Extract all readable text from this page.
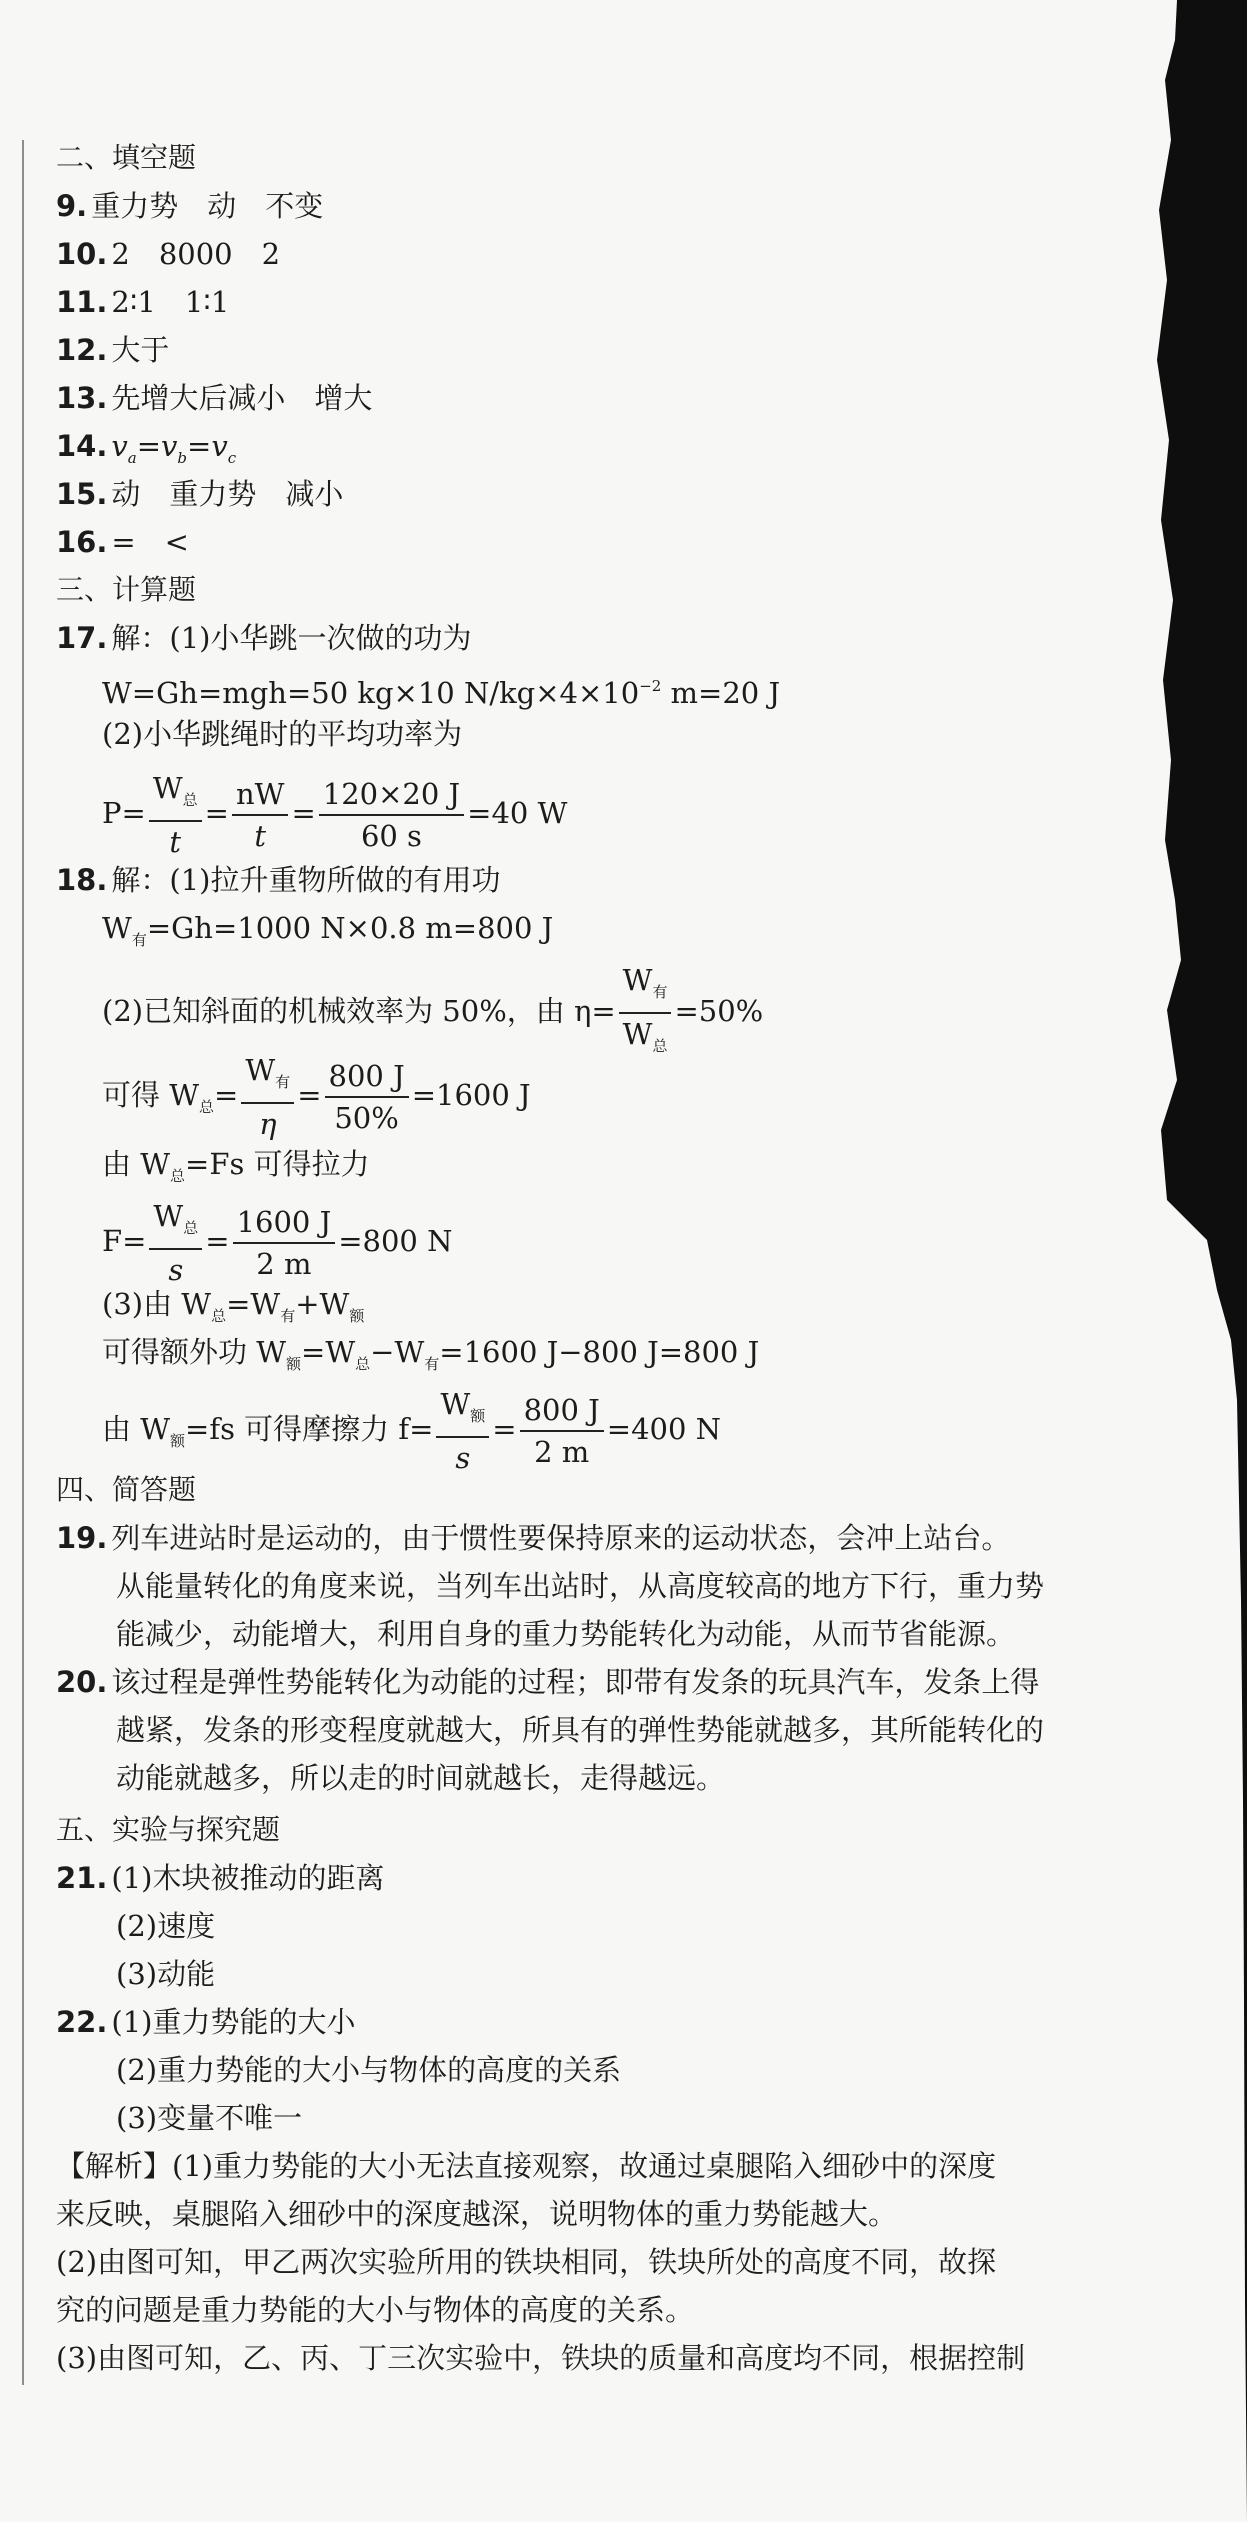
二、填空题
9. 重力势　动　不变
10. 2　8000　2
11. 2∶1　1∶1
12. 大于
13. 先增大后减小　增大
14. $v_a=v_b=v_c$
15. 动　重力势　减小
16. =　<
三、计算题
17. 解：(1)小华跳一次做的功为
W=Gh=mgh=50 kg×10 $N/kg\times 4\times 10^{-2}$ m=20 J
(2)小华跳绳时的平均功率为
$P= \frac{W_总}{t} = \frac{nW}{t} = \frac{120\times 20 J}{60 s} =40$ W
18. 解：(1)拉升重物所做的有用功
$W_有=Gh=1000$ N×0.8 m=800 J
(2)已知斜面的机械效率为 50%，由 $\eta= \frac{W_有}{W_总} =50\%$
可得 $W_总= \frac{W_有}{\eta} = \frac{800 J}{50\%} =1600$ J
由 $W_总=Fs$ 可得拉力
$F= \frac{W_总}{s} = \frac{1600 J}{2 m} =800$ N
(3)由 $W_总=W_有+W_额$
可得额外功 $W_额=W_总-W_有=1600$ J−800 J=800 J
由 $W_额=fs$ 可得摩擦力 $f= \frac{W_额}{s} = \frac{800 J}{2 m} =400$ N
四、简答题
19. 列车进站时是运动的，由于惯性要保持原来的运动状态，会冲上站台。
从能量转化的角度来说，当列车出站时，从高度较高的地方下行，重力势
能减少，动能增大，利用自身的重力势能转化为动能，从而节省能源。
20. 该过程是弹性势能转化为动能的过程；即带有发条的玩具汽车，发条上得
越紧，发条的形变程度就越大，所具有的弹性势能就越多，其所能转化的
动能就越多，所以走的时间就越长，走得越远。
五、实验与探究题
21. (1)木块被推动的距离
(2)速度
(3)动能
22. (1)重力势能的大小
(2)重力势能的大小与物体的高度的关系
(3)变量不唯一
【解析】(1)重力势能的大小无法直接观察，故通过桌腿陷入细砂中的深度
来反映，桌腿陷入细砂中的深度越深，说明物体的重力势能越大。
(2)由图可知，甲乙两次实验所用的铁块相同，铁块所处的高度不同，故探
究的问题是重力势能的大小与物体的高度的关系。
(3)由图可知，乙、丙、丁三次实验中，铁块的质量和高度均不同，根据控制
